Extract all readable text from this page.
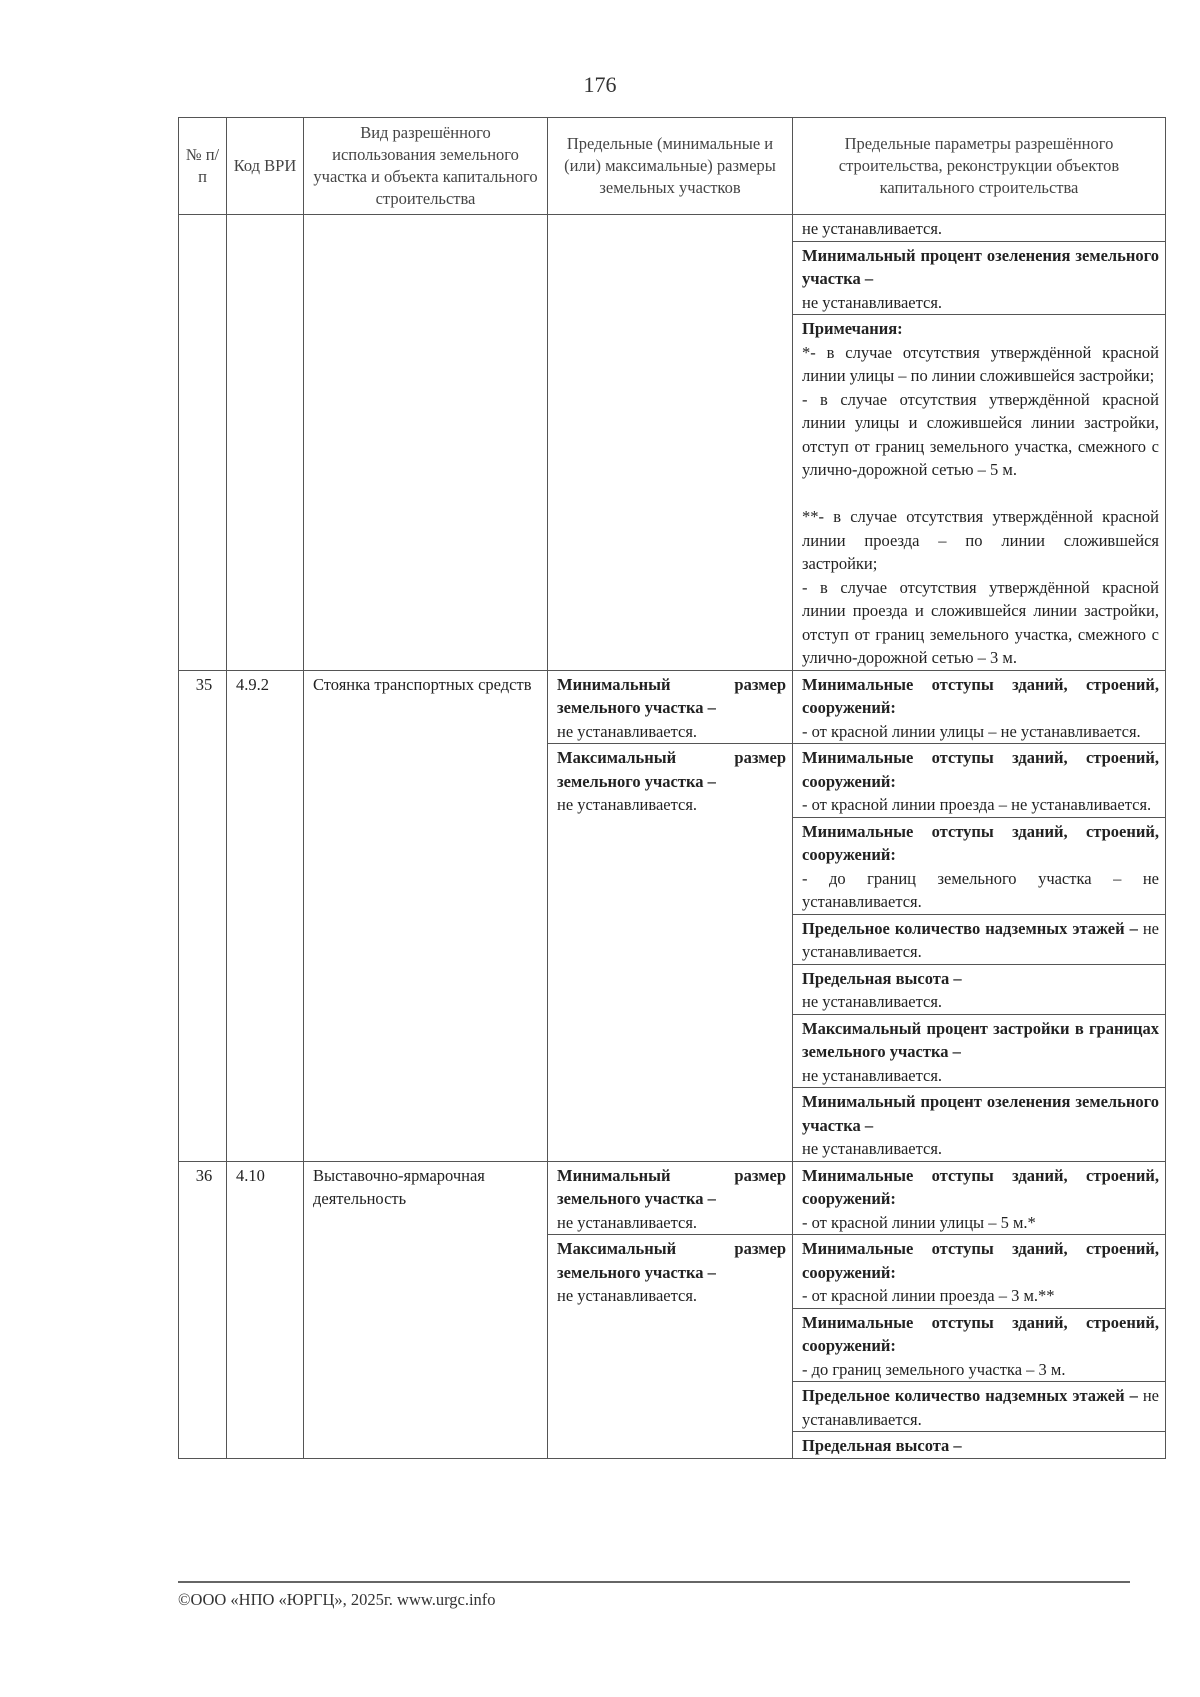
176
№ п/п	Код ВРИ	Вид разрешённого использования земельного участка и объекта капитального строительства	Предельные (минимальные и (или) максимальные) размеры земельных участков	Предельные параметры разрешённого строительства, реконструкции объектов капитального строительства
				не устанавливается.
				Минимальный процент озеленения земельного участка –
не устанавливается.
				Примечания:
*- в случае отсутствия утверждённой красной линии улицы – по линии сложившейся застройки;
- в случае отсутствия утверждённой красной линии улицы и сложившейся линии застройки, отступ от границ земельного участка, смежного с улично-дорожной сетью – 5 м.
**- в случае отсутствия утверждённой красной линии проезда – по линии сложившейся застройки;
- в случае отсутствия утверждённой красной линии проезда и сложившейся линии застройки, отступ от границ земельного участка, смежного с улично-дорожной сетью – 3 м.
35	4.9.2	Стоянка транспортных средств	Минимальный размер земельного участка –
не устанавливается.	Минимальные отступы зданий, строений, сооружений:
- от красной линии улицы – не устанавливается.
			Максимальный размер земельного участка –
не устанавливается.	Минимальные отступы зданий, строений, сооружений:
- от красной линии проезда – не устанавливается.
				Минимальные отступы зданий, строений, сооружений:
- до границ земельного участка – не устанавливается.
				Предельное количество надземных этажей – не устанавливается.
				Предельная высота –
не устанавливается.
				Максимальный процент застройки в границах земельного участка –
не устанавливается.
				Минимальный процент озеленения земельного участка –
не устанавливается.
36	4.10	Выставочно-ярмарочная деятельность	Минимальный размер земельного участка –
не устанавливается.	Минимальные отступы зданий, строений, сооружений:
- от красной линии улицы – 5 м.*
			Максимальный размер земельного участка –
не устанавливается.	Минимальные отступы зданий, строений, сооружений:
- от красной линии проезда – 3 м.**
				Минимальные отступы зданий, строений, сооружений:
- до границ земельного участка – 3 м.
				Предельное количество надземных этажей – не устанавливается.
				Предельная высота –
©ООО «НПО «ЮРГЦ», 2025г. www.urgc.info
